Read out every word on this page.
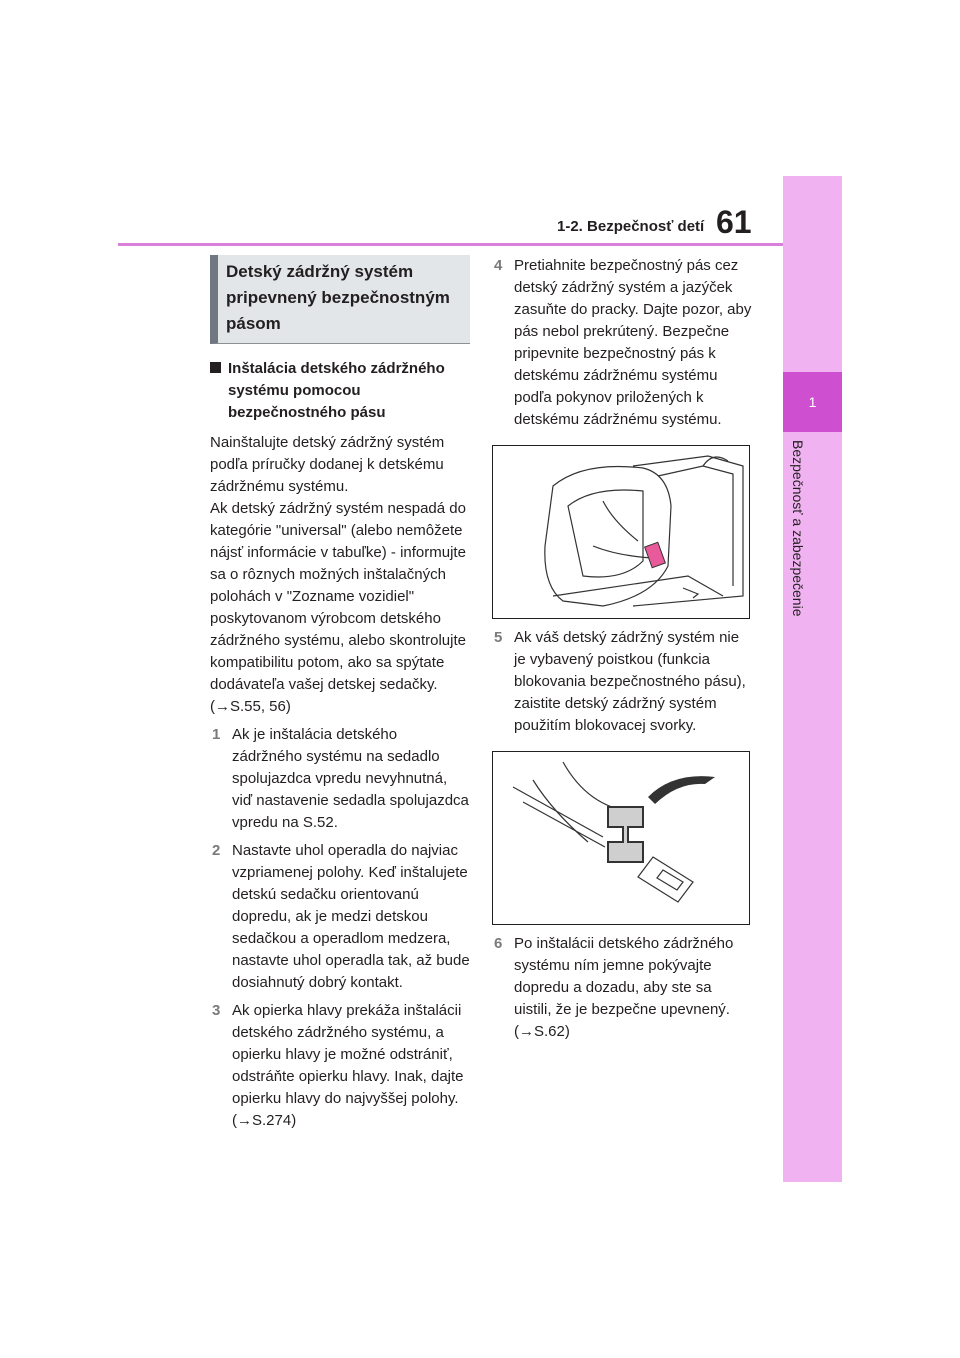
1
Bezpečnosť a zabezpečenie
1-2. Bezpečnosť detí 61
Detský zádržný systém pripevnený bezpečnostným pásom
Inštalácia detského zádržného systému pomocou bezpečnostného pásu
Nainštalujte detský zádržný systém podľa príručky dodanej k detskému zádržnému systému.
Ak detský zádržný systém nespadá do kategórie "universal" (alebo nemôžete nájsť informácie v tabuľke) - informujte sa o rôznych možných inštalačných polohách v "Zozname vozidiel" poskytovanom výrobcom detského zádržného systému, alebo skontrolujte kompatibilitu potom, ako sa spýtate dodávateľa vašej detskej sedačky. (→S.55, 56)
1 Ak je inštalácia detského zádržného systému na sedadlo spolujazdca vpredu nevyhnutná, viď nastavenie sedadla spolujazdca vpredu na S.52.
2 Nastavte uhol operadla do najviac vzpriamenej polohy. Keď inštalujete detskú sedačku orientovanú dopredu, ak je medzi detskou sedačkou a operadlom medzera, nastavte uhol operadla tak, až bude dosiahnutý dobrý kontakt.
3 Ak opierka hlavy prekáža inštalácii detského zádržného systému, a opierku hlavy je možné odstrániť, odstráňte opierku hlavy. Inak, dajte opierku hlavy do najvyššej polohy. (→S.274)
4 Pretiahnite bezpečnostný pás cez detský zádržný systém a jazýček zasuňte do pracky. Dajte pozor, aby pás nebol prekrútený. Bezpečne pripevnite bezpečnostný pás k detskému zádržnému systému podľa pokynov priložených k detskému zádržnému systému.
5 Ak váš detský zádržný systém nie je vybavený poistkou (funkcia blokovania bezpečnostného pásu), zaistite detský zádržný systém použitím blokovacej svorky.
6 Po inštalácii detského zádržného systému ním jemne pokývajte dopredu a dozadu, aby ste sa uistili, že je bezpečne upevnený. (→S.62)
